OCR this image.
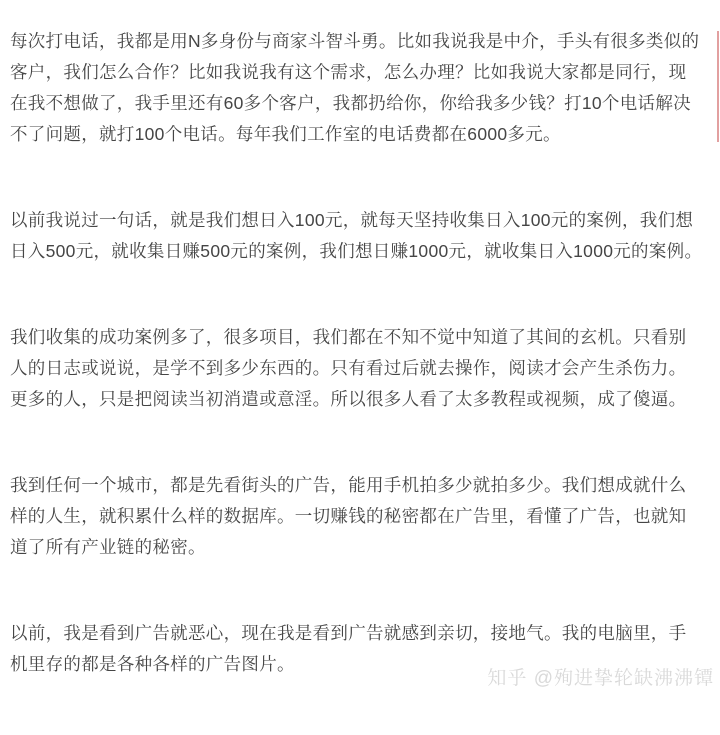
每次打电话，我都是用N多身份与商家斗智斗勇。比如我说我是中介，手头有很多类似的
客户，我们怎么合作？比如我说我有这个需求，怎么办理？比如我说大家都是同行，现
在我不想做了，我手里还有60多个客户，我都扔给你，你给我多少钱？打10个电话解决
不了问题，就打100个电话。每年我们工作室的电话费都在6000多元。

以前我说过一句话，就是我们想日入100元，就每天坚持收集日入100元的案例，我们想
日入500元，就收集日赚500元的案例，我们想日赚1000元，就收集日入1000元的案例。

我们收集的成功案例多了，很多项目，我们都在不知不觉中知道了其间的玄机。只看别
人的日志或说说，是学不到多少东西的。只有看过后就去操作，阅读才会产生杀伤力。
更多的人，只是把阅读当初消遣或意淫。所以很多人看了太多教程或视频，成了傻逼。

我到任何一个城市，都是先看街头的广告，能用手机拍多少就拍多少。我们想成就什么
样的人生，就积累什么样的数据库。一切赚钱的秘密都在广告里，看懂了广告，也就知
道了所有产业链的秘密。

以前，我是看到广告就恶心，现在我是看到广告就感到亲切，接地气。我的电脑里，手
机里存的都是各种各样的广告图片。

知乎 @殉进挚轮缺沸沸镡
